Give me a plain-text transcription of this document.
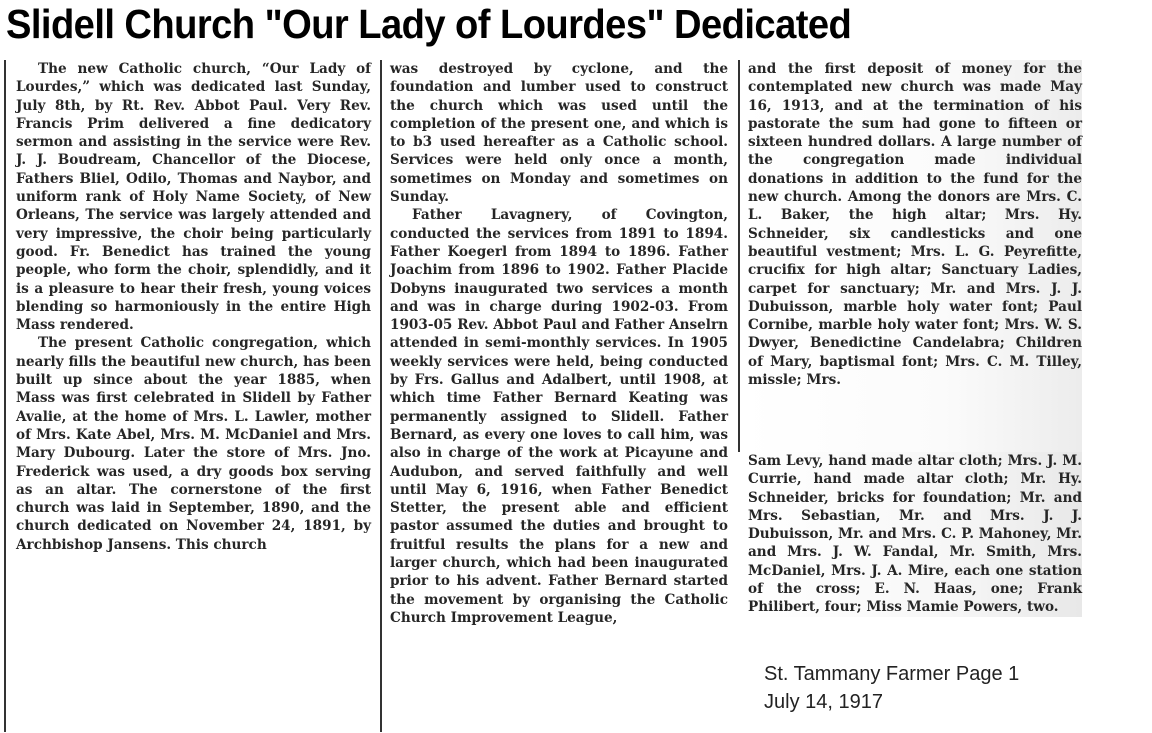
Slidell Church "Our Lady of Lourdes" Dedicated

The new Catholic church, “Our Lady of Lourdes,” which was dedicated last Sunday, July 8th, by Rt. Rev. Abbot Paul. Very Rev. Francis Prim delivered a fine dedicatory sermon and assisting in the service were Rev. J. J. Boudream, Chancellor of the Diocese, Fathers Bliel, Odilo, Thomas and Naybor, and uniform rank of Holy Name Society, of New Orleans, The service was largely attended and very impressive, the choir being particularly good. Fr. Benedict has trained the young people, who form the choir, splendidly, and it is a pleasure to hear their fresh, young voices blending so harmoniously in the entire High Mass rendered.

The present Catholic congregation, which nearly fills the beautiful new church, has been built up since about the year 1885, when Mass was first celebrated in Slidell by Father Avalie, at the home of Mrs. L. Lawler, mother of Mrs. Kate Abel, Mrs. M. McDaniel and Mrs. Mary Dubourg. Later the store of Mrs. Jno. Frederick was used, a dry goods box serving as an altar. The cornerstone of the first church was laid in September, 1890, and the church dedicated on November 24, 1891, by Archbishop Jansens. This church

was destroyed by cyclone, and the foundation and lumber used to construct the church which was used until the completion of the present one, and which is to b3 used hereafter as a Catholic school. Services were held only once a month, sometimes on Monday and sometimes on Sunday.

Father Lavagnery, of Covington, conducted the services from 1891 to 1894. Father Koegerl from 1894 to 1896. Father Joachim from 1896 to 1902. Father Placide Dobyns inaugurated two services a month and was in charge during 1902-03. From 1903-05 Rev. Abbot Paul and Father Anselrn attended in semi-monthly services. In 1905 weekly services were held, being conducted by Frs. Gallus and Adalbert, until 1908, at which time Father Bernard Keating was permanently assigned to Slidell. Father Bernard, as every one loves to call him, was also in charge of the work at Picayune and Audubon, and served faithfully and well until May 6, 1916, when Father Benedict Stetter, the present able and efficient pastor assumed the duties and brought to fruitful results the plans for a new and larger church, which had been inaugurated prior to his advent. Father Bernard started the movement by organising the Catholic Church Improvement League,

and the first deposit of money for the contemplated new church was made May 16, 1913, and at the termination of his pastorate the sum had gone to fifteen or sixteen hundred dollars. A large number of the congregation made individual donations in addition to the fund for the new church. Among the donors are Mrs. C. L. Baker, the high altar; Mrs. Hy. Schneider, six candlesticks and one beautiful vestment; Mrs. L. G. Peyrefitte, crucifix for high altar; Sanctuary Ladies, carpet for sanctuary; Mr. and Mrs. J. J. Dubuisson, marble holy water font; Paul Cornibe, marble holy water font; Mrs. W. S. Dwyer, Benedictine Candelabra; Children of Mary, baptismal font; Mrs. C. M. Tilley, missle; Mrs.

Sam Levy, hand made altar cloth; Mrs. J. M. Currie, hand made altar cloth; Mr. Hy. Schneider, bricks for foundation; Mr. and Mrs. Sebastian, Mr. and Mrs. J. J. Dubuisson, Mr. and Mrs. C. P. Mahoney, Mr. and Mrs. J. W. Fandal, Mr. Smith, Mrs. McDaniel, Mrs. J. A. Mire, each one station of the cross; E. N. Haas, one; Frank Philibert, four; Miss Mamie Powers, two.

St. Tammany Farmer Page 1
July 14, 1917
